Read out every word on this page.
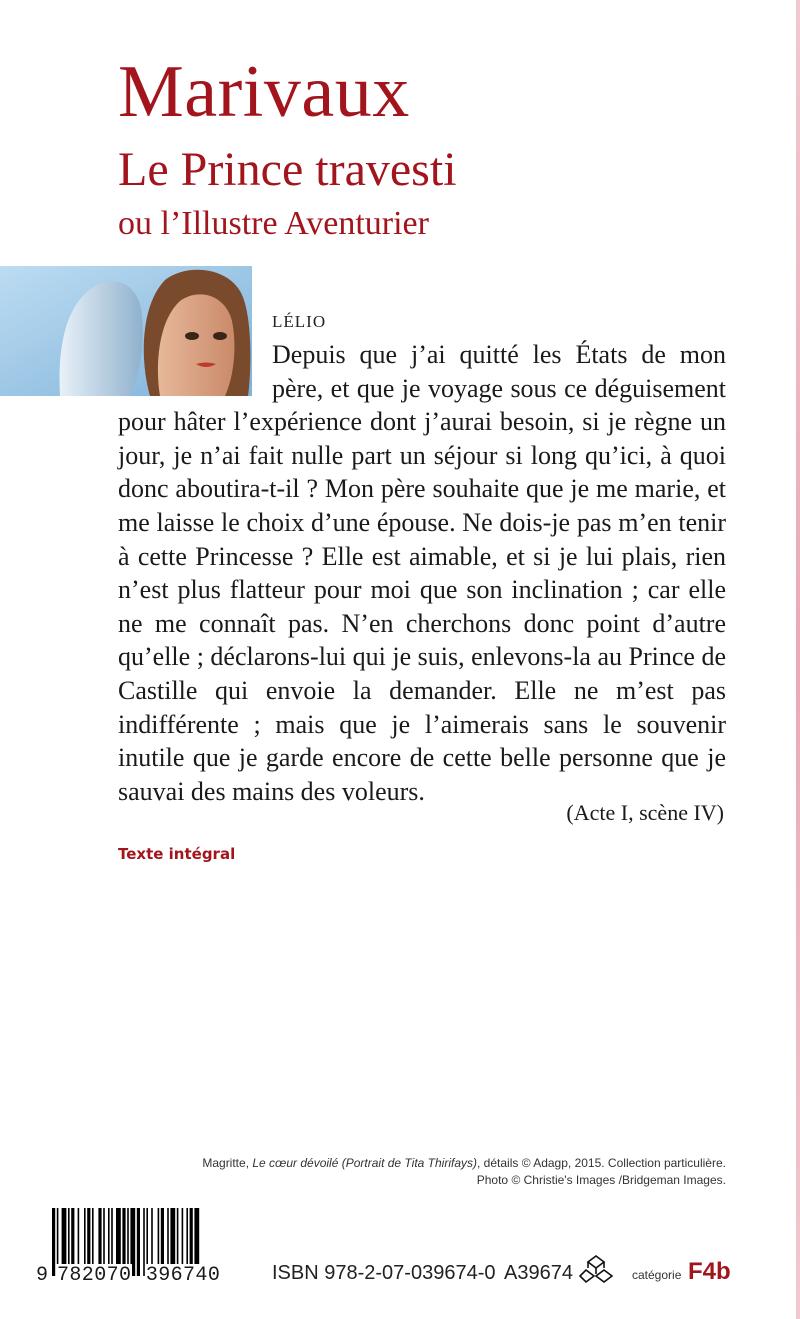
Marivaux
Le Prince travesti
ou l’Illustre Aventurier
LÉLIO
Depuis que j’ai quitté les États de mon père, et que je voyage sous ce déguisement pour hâter l’expérience dont j’aurai besoin, si je règne un jour, je n’ai fait nulle part un séjour si long qu’ici, à quoi donc aboutira-t-il ? Mon père souhaite que je me marie, et me laisse le choix d’une épouse. Ne dois-je pas m’en tenir à cette Princesse ? Elle est aimable, et si je lui plais, rien n’est plus flatteur pour moi que son inclination ; car elle ne me connaît pas. N’en cherchons donc point d’autre qu’elle ; déclarons-lui qui je suis, enlevons-la au Prince de Castille qui envoie la demander. Elle ne m’est pas indifférente ; mais que je l’aimerais sans le souvenir inutile que je garde encore de cette belle personne que je sauvai des mains des voleurs.
(Acte I, scène IV)
Texte intégral
Magritte, Le cœur dévoilé (Portrait de Tita Thirifays), détails © Adagp, 2015. Collection particulière.
Photo © Christie's Images /Bridgeman Images.
9 782070 396740	ISBN 978-2-07-039674-0 A39674	catégorie F4b
